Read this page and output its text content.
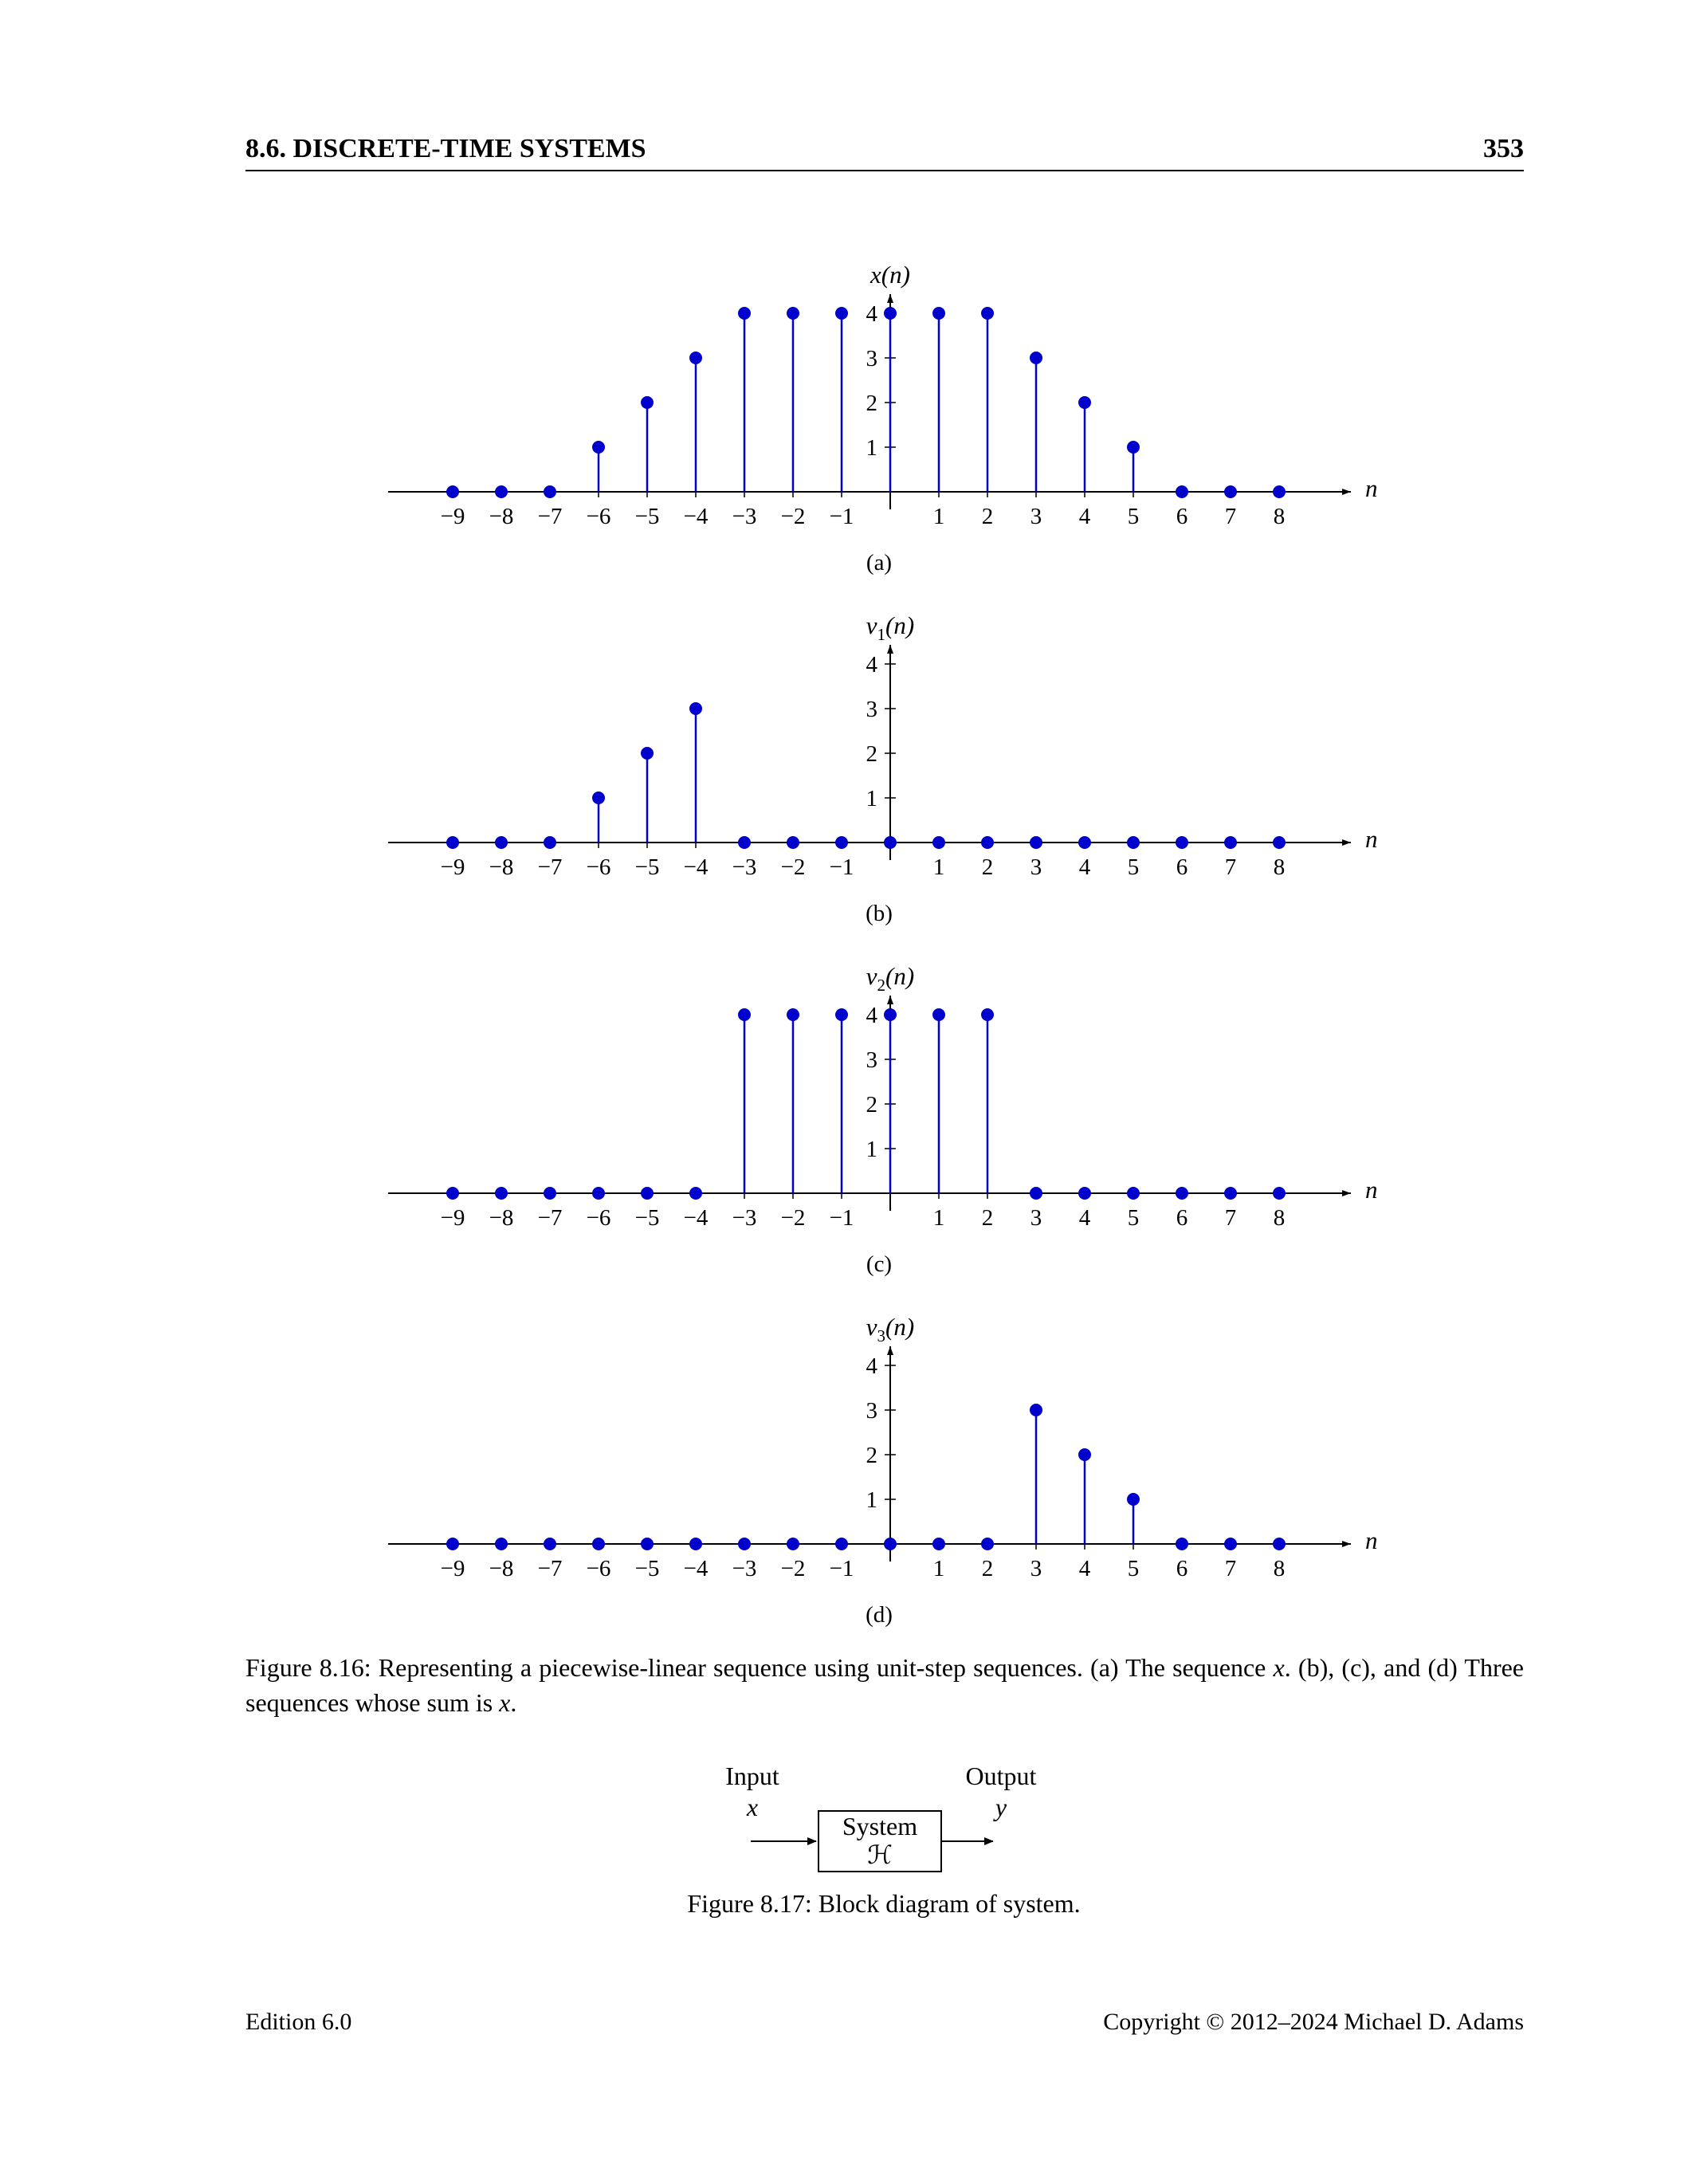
8.6. DISCRETE-TIME SYSTEMS	353
1
2
3
4
−9 −8 −7 −6 −5 −4 −3 −2 −1	1 2 3 4 5 6 7 8
n
x(n)
(a)
1
2
3
4
−9 −8 −7 −6 −5 −4 −3 −2 −1	1 2 3 4 5 6 7 8
n
$v_1(n)$
(b)
1
2
3
4
−9 −8 −7 −6 −5 −4 −3 −2 −1	1 2 3 4 5 6 7 8
n
$v_2(n)$
(c)
1
2
3
4
−9 −8 −7 −6 −5 −4 −3 −2 −1	1 2 3 4 5 6 7 8
n
$v_3(n)$
(d)
Figure 8.16: Representing a piecewise-linear sequence using unit-step sequences. (a) The sequence x. (b), (c), and (d) Three sequences whose sum is x.
Input
x
Output
y
System
ℋ
Figure 8.17: Block diagram of system.
Edition 6.0	Copyright © 2012–2024 Michael D. Adams
